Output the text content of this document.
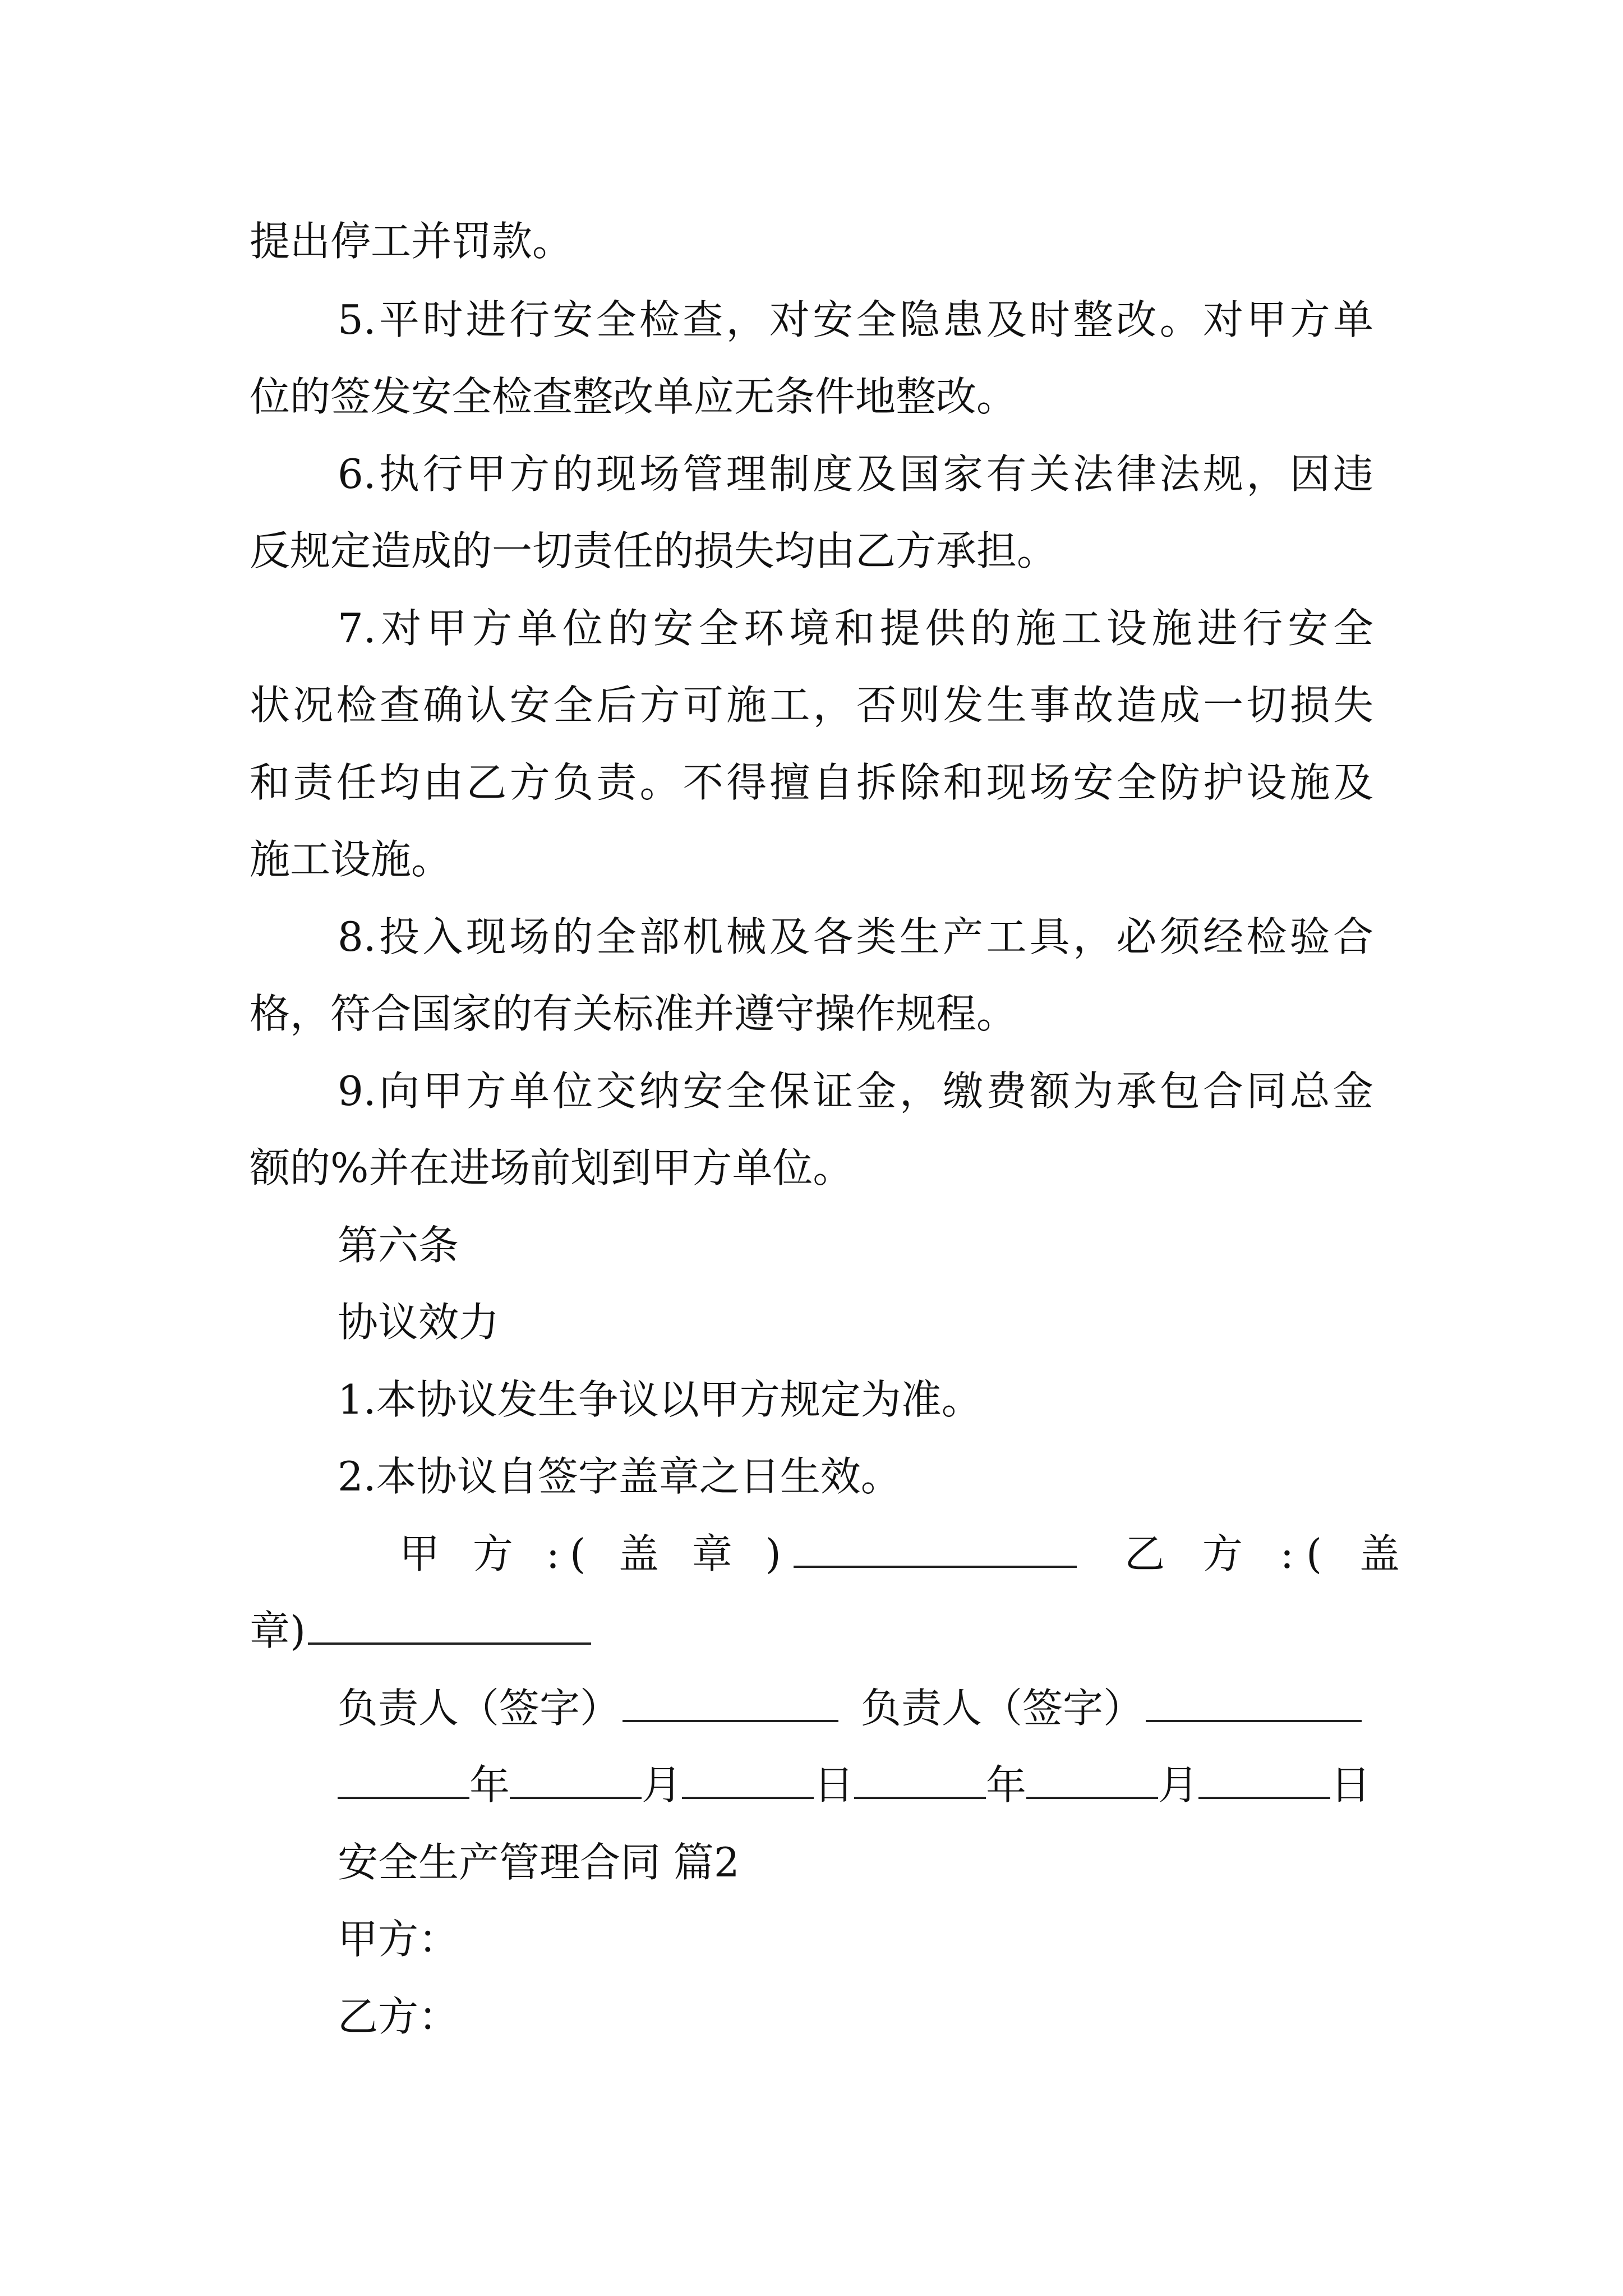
提出停工并罚款。
5.平时进行安全检查，对安全隐患及时整改。对甲方单
位的签发安全检查整改单应无条件地整改。
6.执行甲方的现场管理制度及国家有关法律法规，因违
反规定造成的一切责任的损失均由乙方承担。
7.对甲方单位的安全环境和提供的施工设施进行安全
状况检查确认安全后方可施工，否则发生事故造成一切损失
和责任均由乙方负责。不得擅自拆除和现场安全防护设施及
施工设施。
8.投入现场的全部机械及各类生产工具，必须经检验合
格，符合国家的有关标准并遵守操作规程。
9.向甲方单位交纳安全保证金，缴费额为承包合同总金
额的%并在进场前划到甲方单位。
第六条
协议效力
1.本协议发生争议以甲方规定为准。
2.本协议自签字盖章之日生效。
甲 方 :( 盖 章 )	乙 方 :( 盖
章)
负责人（签字）	负责人（签字）
年	月	日	年	月	日
安全生产管理合同 篇2
甲方：
乙方：
